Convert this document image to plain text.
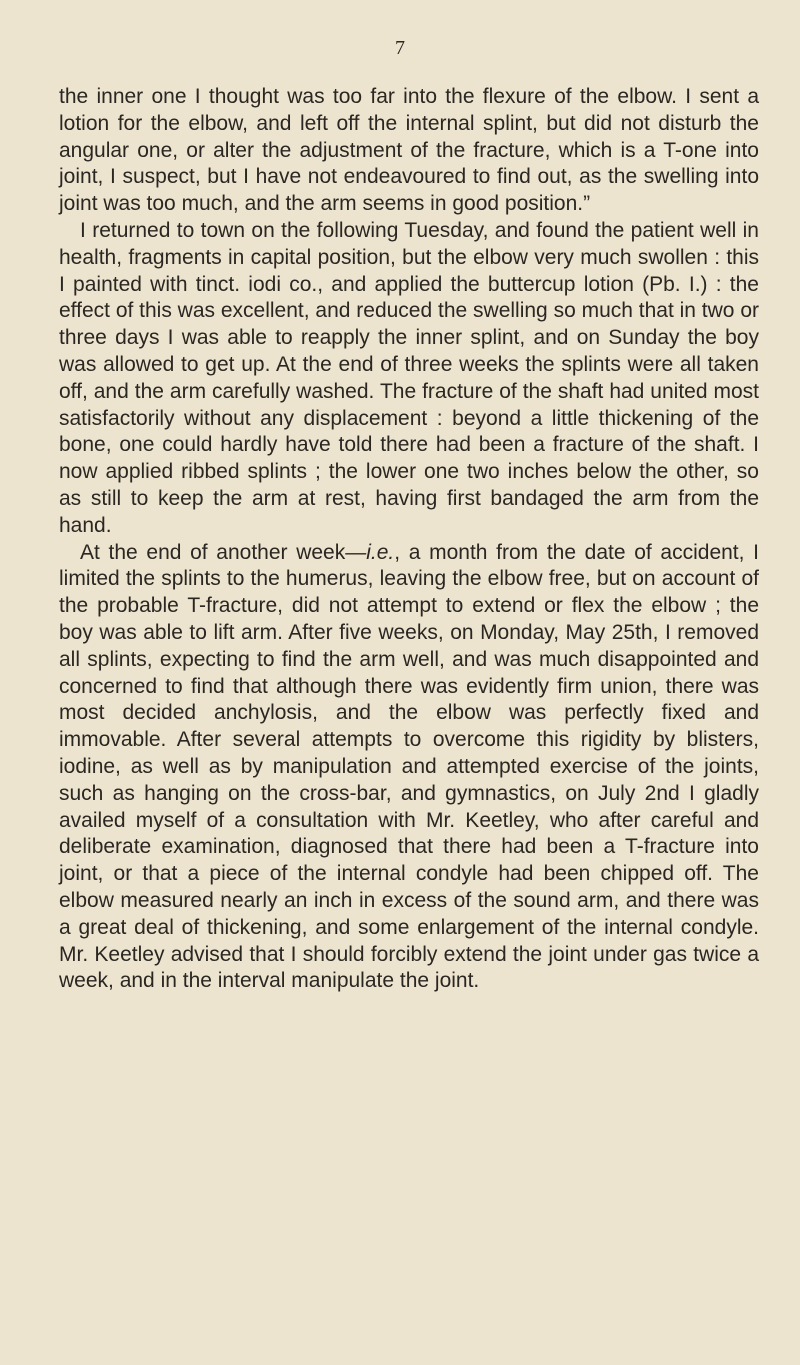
7

the inner one I thought was too far into the flexure of the elbow. I sent a lotion for the elbow, and left off the internal splint, but did not disturb the angular one, or alter the adjustment of the fracture, which is a T-one into joint, I suspect, but I have not endeavoured to find out, as the swelling into joint was too much, and the arm seems in good position.”

I returned to town on the following Tuesday, and found the patient well in health, fragments in capital position, but the elbow very much swollen : this I painted with tinct. iodi co., and applied the buttercup lotion (Pb. I.) : the effect of this was excellent, and reduced the swelling so much that in two or three days I was able to reapply the inner splint, and on Sunday the boy was allowed to get up. At the end of three weeks the splints were all taken off, and the arm carefully washed. The fracture of the shaft had united most satisfactorily without any displacement : beyond a little thickening of the bone, one could hardly have told there had been a fracture of the shaft. I now applied ribbed splints ; the lower one two inches below the other, so as still to keep the arm at rest, having first bandaged the arm from the hand.

At the end of another week—i.e., a month from the date of accident, I limited the splints to the humerus, leaving the elbow free, but on account of the probable T-fracture, did not attempt to extend or flex the elbow ; the boy was able to lift arm. After five weeks, on Monday, May 25th, I removed all splints, expecting to find the arm well, and was much disappointed and concerned to find that although there was evidently firm union, there was most decided anchylosis, and the elbow was perfectly fixed and immovable. After several attempts to overcome this rigidity by blisters, iodine, as well as by manipulation and attempted exercise of the joints, such as hanging on the cross-bar, and gymnastics, on July 2nd I gladly availed myself of a consultation with Mr. Keetley, who after careful and deliberate examination, diagnosed that there had been a T-fracture into joint, or that a piece of the internal condyle had been chipped off. The elbow measured nearly an inch in excess of the sound arm, and there was a great deal of thickening, and some enlargement of the internal condyle. Mr. Keetley advised that I should forcibly extend the joint under gas twice a week, and in the interval manipulate the joint.
